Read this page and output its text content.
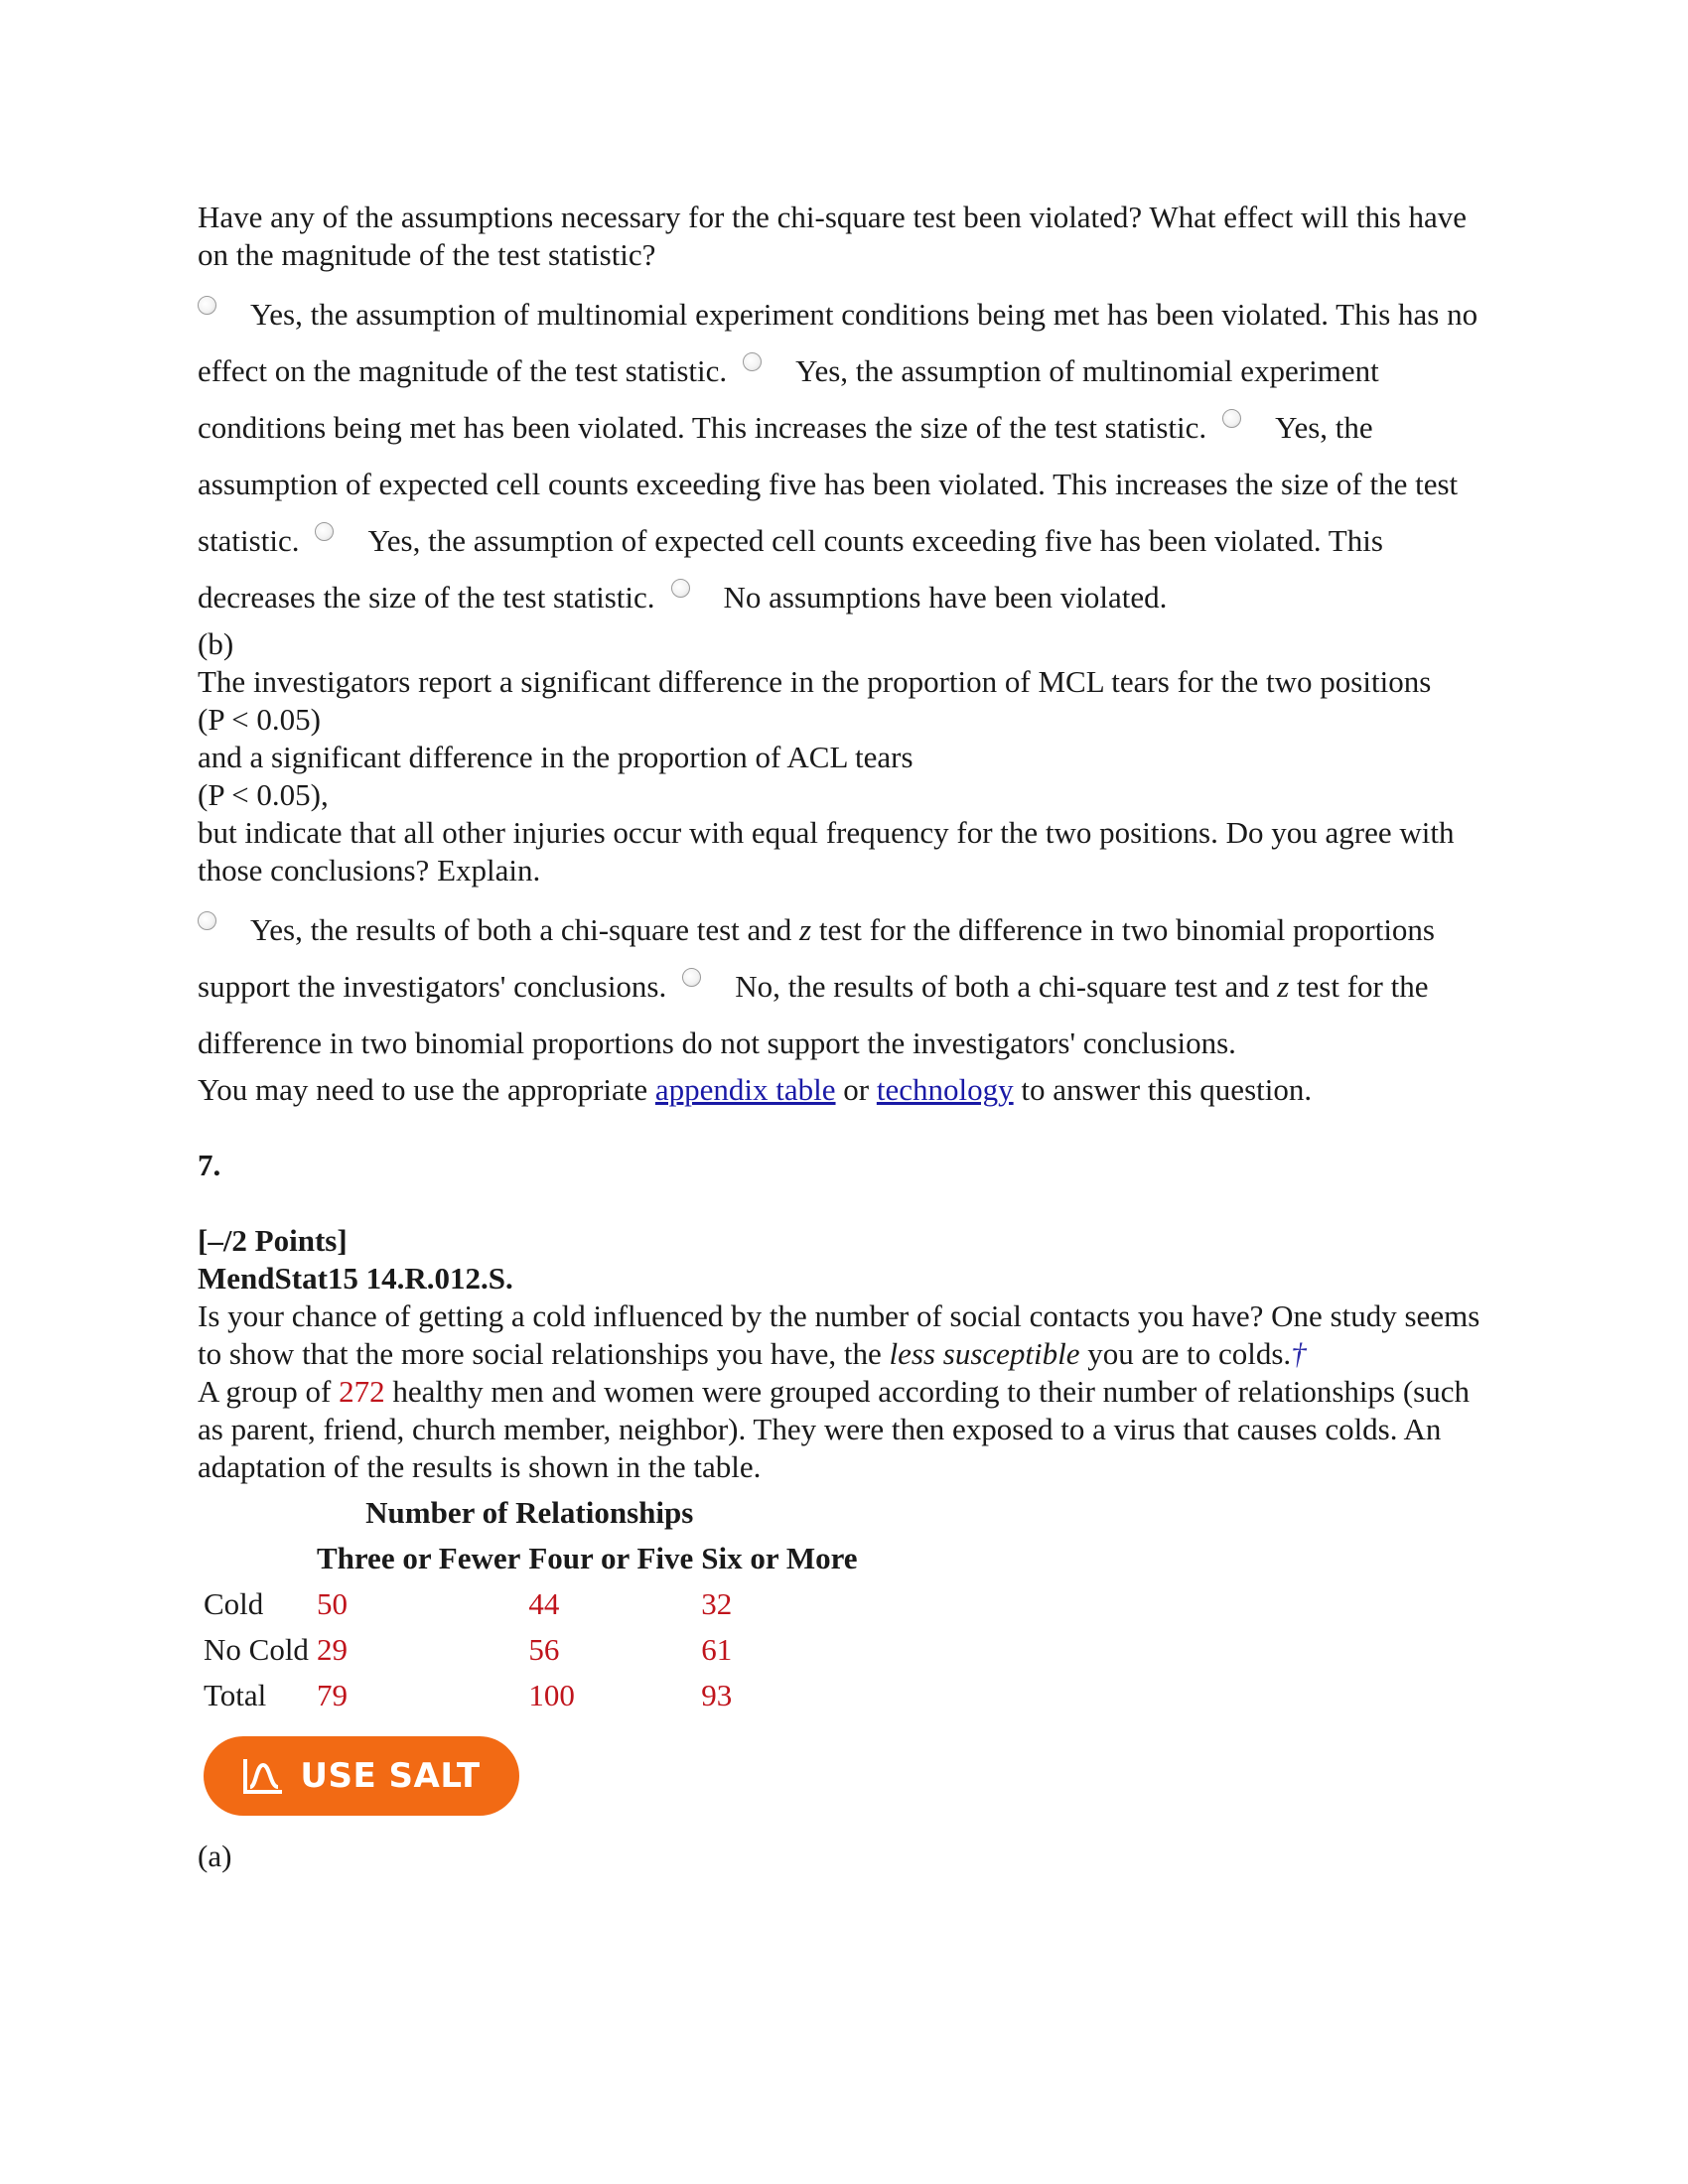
Have any of the assumptions necessary for the chi-square test been violated? What effect will this have on the magnitude of the test statistic?

Yes, the assumption of multinomial experiment conditions being met has been violated. This has no effect on the magnitude of the test statistic. Yes, the assumption of multinomial experiment conditions being met has been violated. This increases the size of the test statistic. Yes, the assumption of expected cell counts exceeding five has been violated. This increases the size of the test statistic. Yes, the assumption of expected cell counts exceeding five has been violated. This decreases the size of the test statistic. No assumptions have been violated.

(b)

The investigators report a significant difference in the proportion of MCL tears for the two positions

(P < 0.05)

and a significant difference in the proportion of ACL tears

(P < 0.05),

but indicate that all other injuries occur with equal frequency for the two positions. Do you agree with those conclusions? Explain.

Yes, the results of both a chi-square test and z test for the difference in two binomial proportions support the investigators' conclusions. No, the results of both a chi-square test and z test for the difference in two binomial proportions do not support the investigators' conclusions.

You may need to use the appropriate appendix table or technology to answer this question.

7.

[–/2 Points]

MendStat15 14.R.012.S.

Is your chance of getting a cold influenced by the number of social contacts you have? One study seems to show that the more social relationships you have, the less susceptible you are to colds.†
A group of 272 healthy men and women were grouped according to their number of relationships (such as parent, friend, church member, neighbor). They were then exposed to a virus that causes colds. An adaptation of the results is shown in the table.

	Number of Relationships		
	Three or Fewer	Four or Five	Six or More
Cold	50	44	32
No Cold	29	56	61
Total	79	100	93
USE SALT

(a)
